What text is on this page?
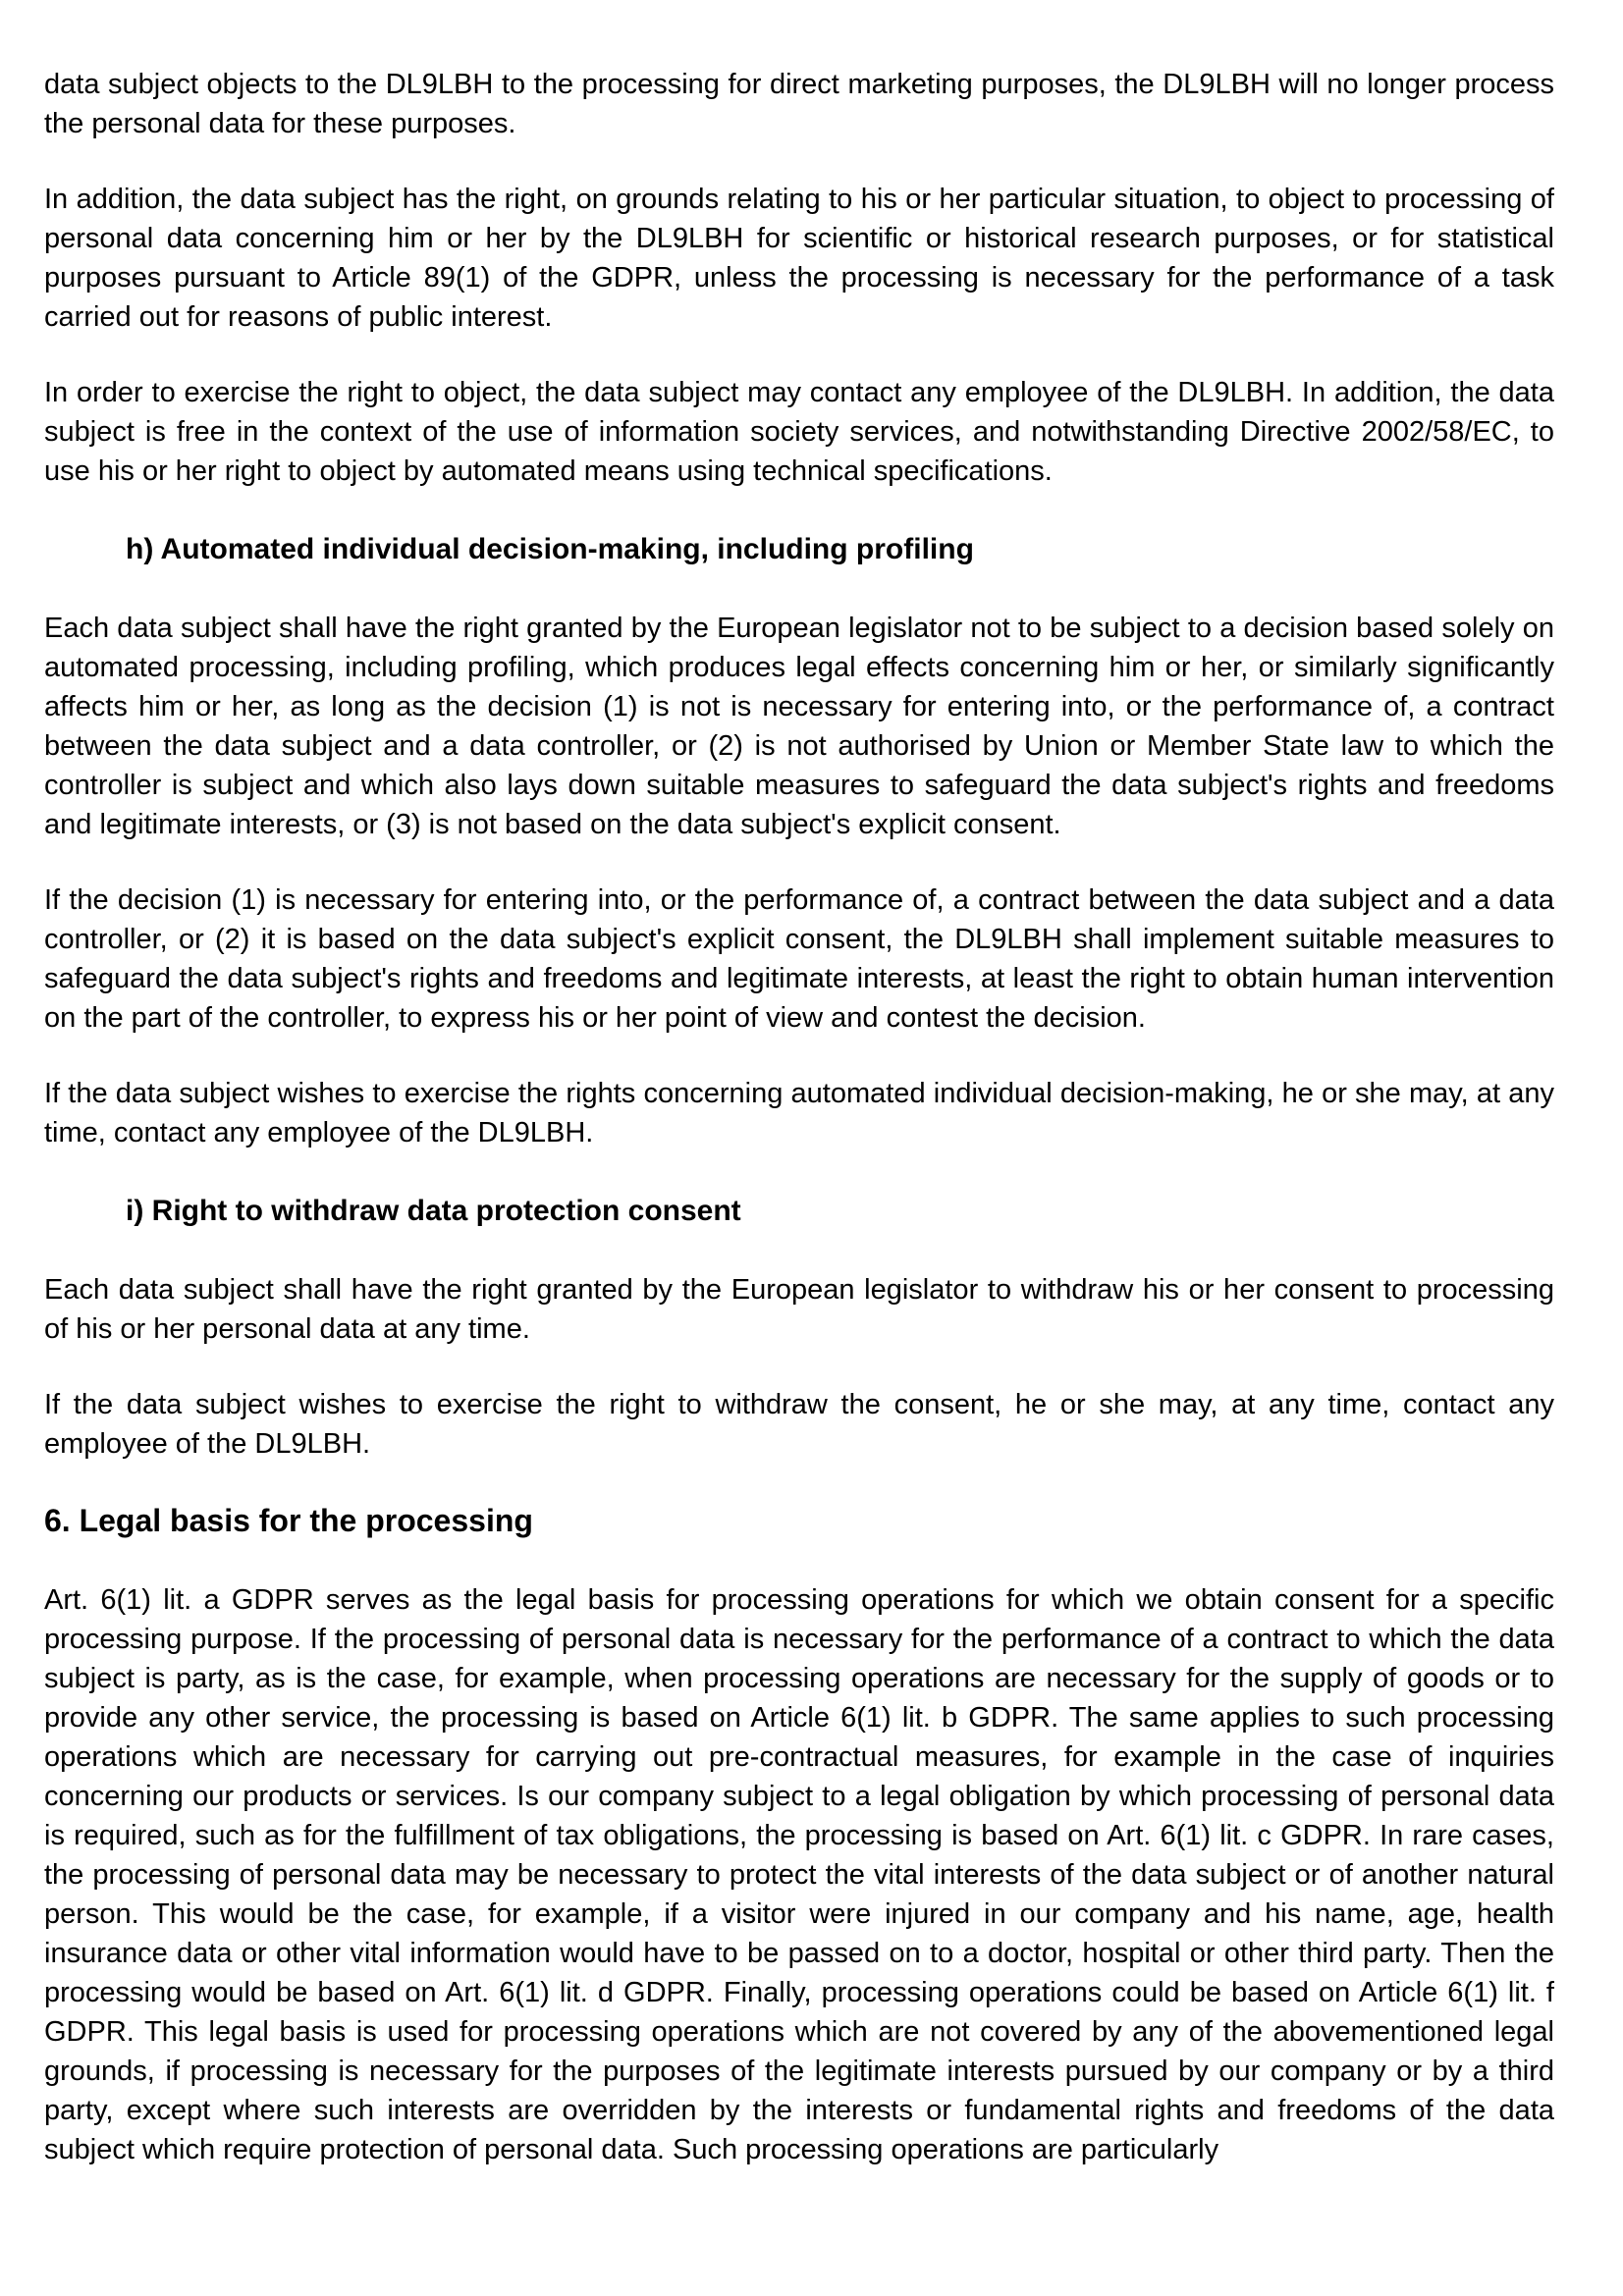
data subject objects to the DL9LBH to the processing for direct marketing purposes, the DL9LBH will no longer process the personal data for these purposes.

In addition, the data subject has the right, on grounds relating to his or her particular situation, to object to processing of personal data concerning him or her by the DL9LBH for scientific or historical research purposes, or for statistical purposes pursuant to Article 89(1) of the GDPR, unless the processing is necessary for the performance of a task carried out for reasons of public interest.

In order to exercise the right to object, the data subject may contact any employee of the DL9LBH. In addition, the data subject is free in the context of the use of information society services, and notwithstanding Directive 2002/58/EC, to use his or her right to object by automated means using technical specifications.

h) Automated individual decision-making, including profiling

Each data subject shall have the right granted by the European legislator not to be subject to a decision based solely on automated processing, including profiling, which produces legal effects concerning him or her, or similarly significantly affects him or her, as long as the decision (1) is not is necessary for entering into, or the performance of, a contract between the data subject and a data controller, or (2) is not authorised by Union or Member State law to which the controller is subject and which also lays down suitable measures to safeguard the data subject's rights and freedoms and legitimate interests, or (3) is not based on the data subject's explicit consent.

If the decision (1) is necessary for entering into, or the performance of, a contract between the data subject and a data controller, or (2) it is based on the data subject's explicit consent, the DL9LBH shall implement suitable measures to safeguard the data subject's rights and freedoms and legitimate interests, at least the right to obtain human intervention on the part of the controller, to express his or her point of view and contest the decision.

If the data subject wishes to exercise the rights concerning automated individual decision-making, he or she may, at any time, contact any employee of the DL9LBH.

i) Right to withdraw data protection consent

Each data subject shall have the right granted by the European legislator to withdraw his or her consent to processing of his or her personal data at any time.

If the data subject wishes to exercise the right to withdraw the consent, he or she may, at any time, contact any employee of the DL9LBH.

6. Legal basis for the processing

Art. 6(1) lit. a GDPR serves as the legal basis for processing operations for which we obtain consent for a specific processing purpose. If the processing of personal data is necessary for the performance of a contract to which the data subject is party, as is the case, for example, when processing operations are necessary for the supply of goods or to provide any other service, the processing is based on Article 6(1) lit. b GDPR. The same applies to such processing operations which are necessary for carrying out pre-contractual measures, for example in the case of inquiries concerning our products or services. Is our company subject to a legal obligation by which processing of personal data is required, such as for the fulfillment of tax obligations, the processing is based on Art. 6(1) lit. c GDPR. In rare cases, the processing of personal data may be necessary to protect the vital interests of the data subject or of another natural person. This would be the case, for example, if a visitor were injured in our company and his name, age, health insurance data or other vital information would have to be passed on to a doctor, hospital or other third party. Then the processing would be based on Art. 6(1) lit. d GDPR. Finally, processing operations could be based on Article 6(1) lit. f GDPR. This legal basis is used for processing operations which are not covered by any of the abovementioned legal grounds, if processing is necessary for the purposes of the legitimate interests pursued by our company or by a third party, except where such interests are overridden by the interests or fundamental rights and freedoms of the data subject which require protection of personal data. Such processing operations are particularly
